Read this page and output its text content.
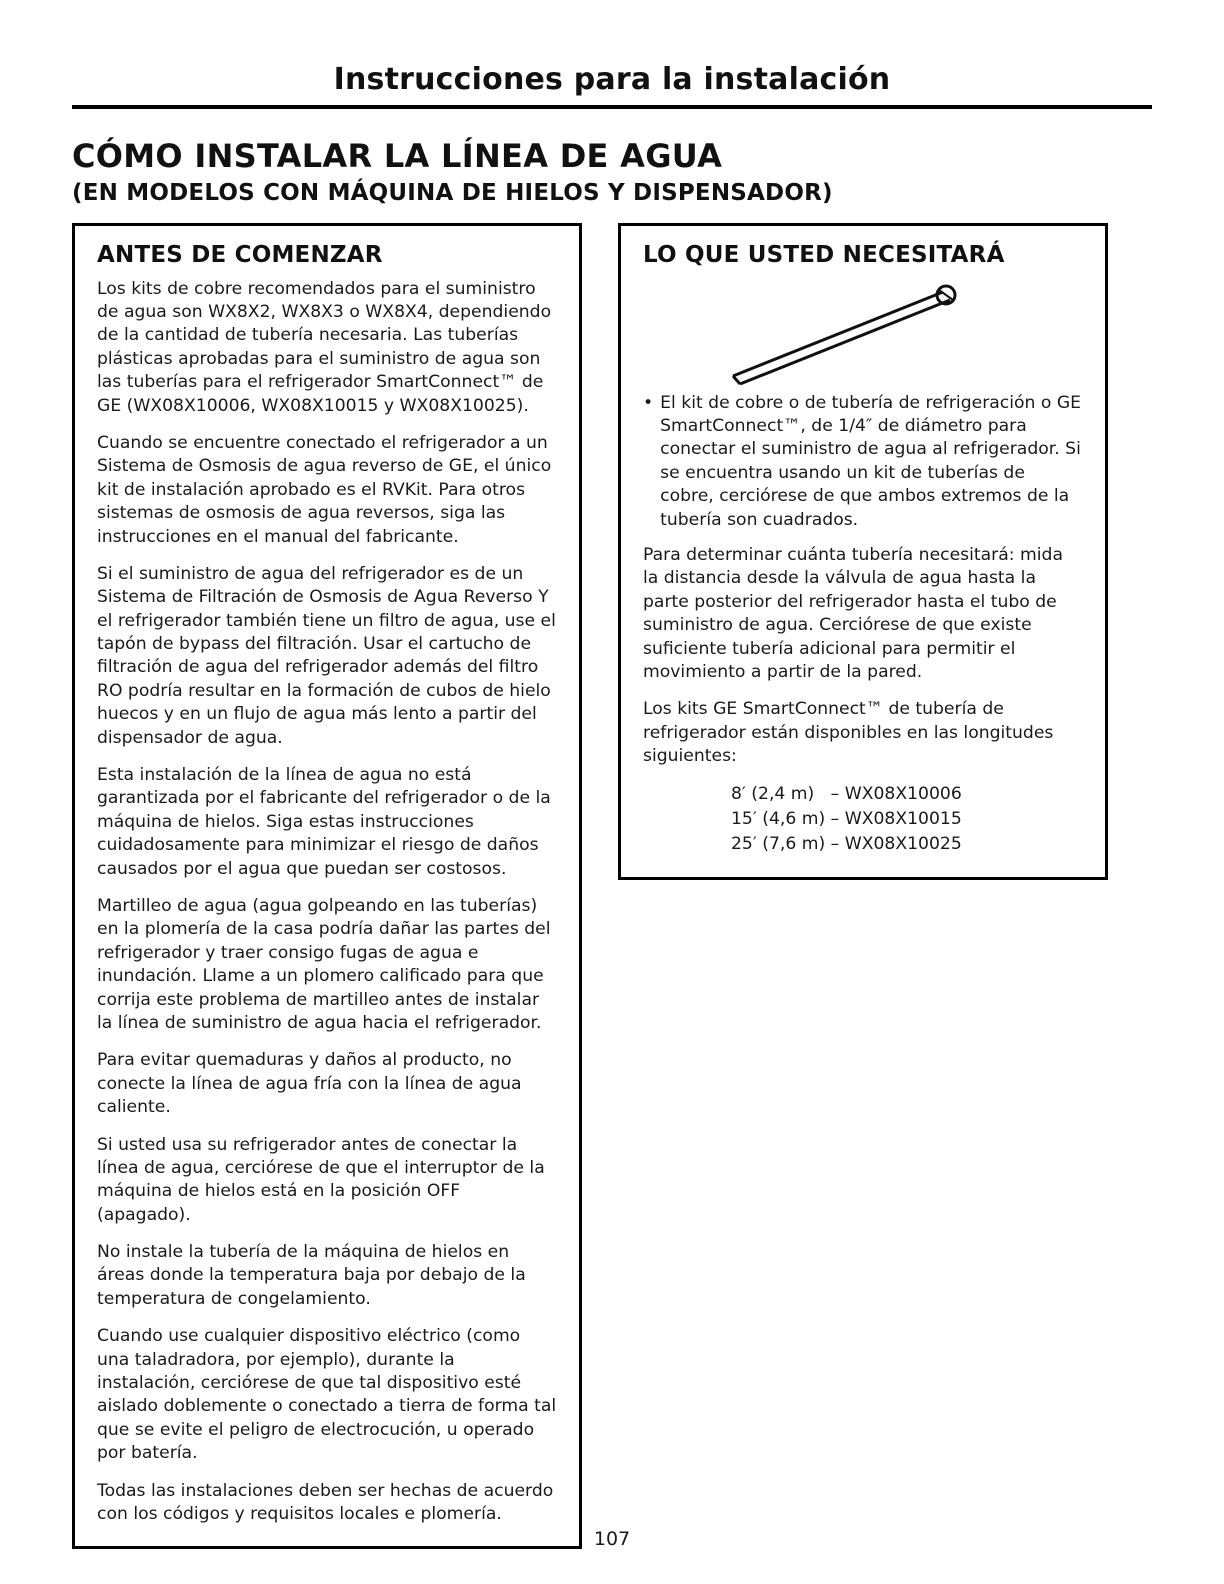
Instrucciones para la instalación
CÓMO INSTALAR LA LÍNEA DE AGUA
(EN MODELOS CON MÁQUINA DE HIELOS Y DISPENSADOR)
ANTES DE COMENZAR

Los kits de cobre recomendados para el suministro de agua son WX8X2, WX8X3 o WX8X4, dependiendo de la cantidad de tubería necesaria. Las tuberías plásticas aprobadas para el suministro de agua son las tuberías para el refrigerador SmartConnect™ de GE (WX08X10006, WX08X10015 y WX08X10025).

Cuando se encuentre conectado el refrigerador a un Sistema de Osmosis de agua reverso de GE, el único kit de instalación aprobado es el RVKit. Para otros sistemas de osmosis de agua reversos, siga las instrucciones en el manual del fabricante.

Si el suministro de agua del refrigerador es de un Sistema de Filtración de Osmosis de Agua Reverso Y el refrigerador también tiene un filtro de agua, use el tapón de bypass del filtración. Usar el cartucho de filtración de agua del refrigerador además del filtro RO podría resultar en la formación de cubos de hielo huecos y en un flujo de agua más lento a partir del dispensador de agua.

Esta instalación de la línea de agua no está garantizada por el fabricante del refrigerador o de la máquina de hielos. Siga estas instrucciones cuidadosamente para minimizar el riesgo de daños causados por el agua que puedan ser costosos.

Martilleo de agua (agua golpeando en las tuberías) en la plomería de la casa podría dañar las partes del refrigerador y traer consigo fugas de agua e inundación. Llame a un plomero calificado para que corrija este problema de martilleo antes de instalar la línea de suministro de agua hacia el refrigerador.

Para evitar quemaduras y daños al producto, no conecte la línea de agua fría con la línea de agua caliente.

Si usted usa su refrigerador antes de conectar la línea de agua, cerciórese de que el interruptor de la máquina de hielos está en la posición OFF (apagado).

No instale la tubería de la máquina de hielos en áreas donde la temperatura baja por debajo de la temperatura de congelamiento.

Cuando use cualquier dispositivo eléctrico (como una taladradora, por ejemplo), durante la instalación, cerciórese de que tal dispositivo esté aislado doblemente o conectado a tierra de forma tal que se evite el peligro de electrocución, u operado por batería.

Todas las instalaciones deben ser hechas de acuerdo con los códigos y requisitos locales e plomería.

LO QUE USTED NECESITARÁ
• El kit de cobre o de tubería de refrigeración o GE SmartConnect™, de 1/4″ de diámetro para conectar el suministro de agua al refrigerador. Si se encuentra usando un kit de tuberías de cobre, cerciórese de que ambos extremos de la tubería son cuadrados.

Para determinar cuánta tubería necesitará: mida la distancia desde la válvula de agua hasta la parte posterior del refrigerador hasta el tubo de suministro de agua. Cerciórese de que existe suficiente tubería adicional para permitir el movimiento a partir de la pared.

Los kits GE SmartConnect™ de tubería de refrigerador están disponibles en las longitudes siguientes:

8′ (2,4 m)   – WX08X10006
15′ (4,6 m) – WX08X10015
25′ (7,6 m) – WX08X10025
107
